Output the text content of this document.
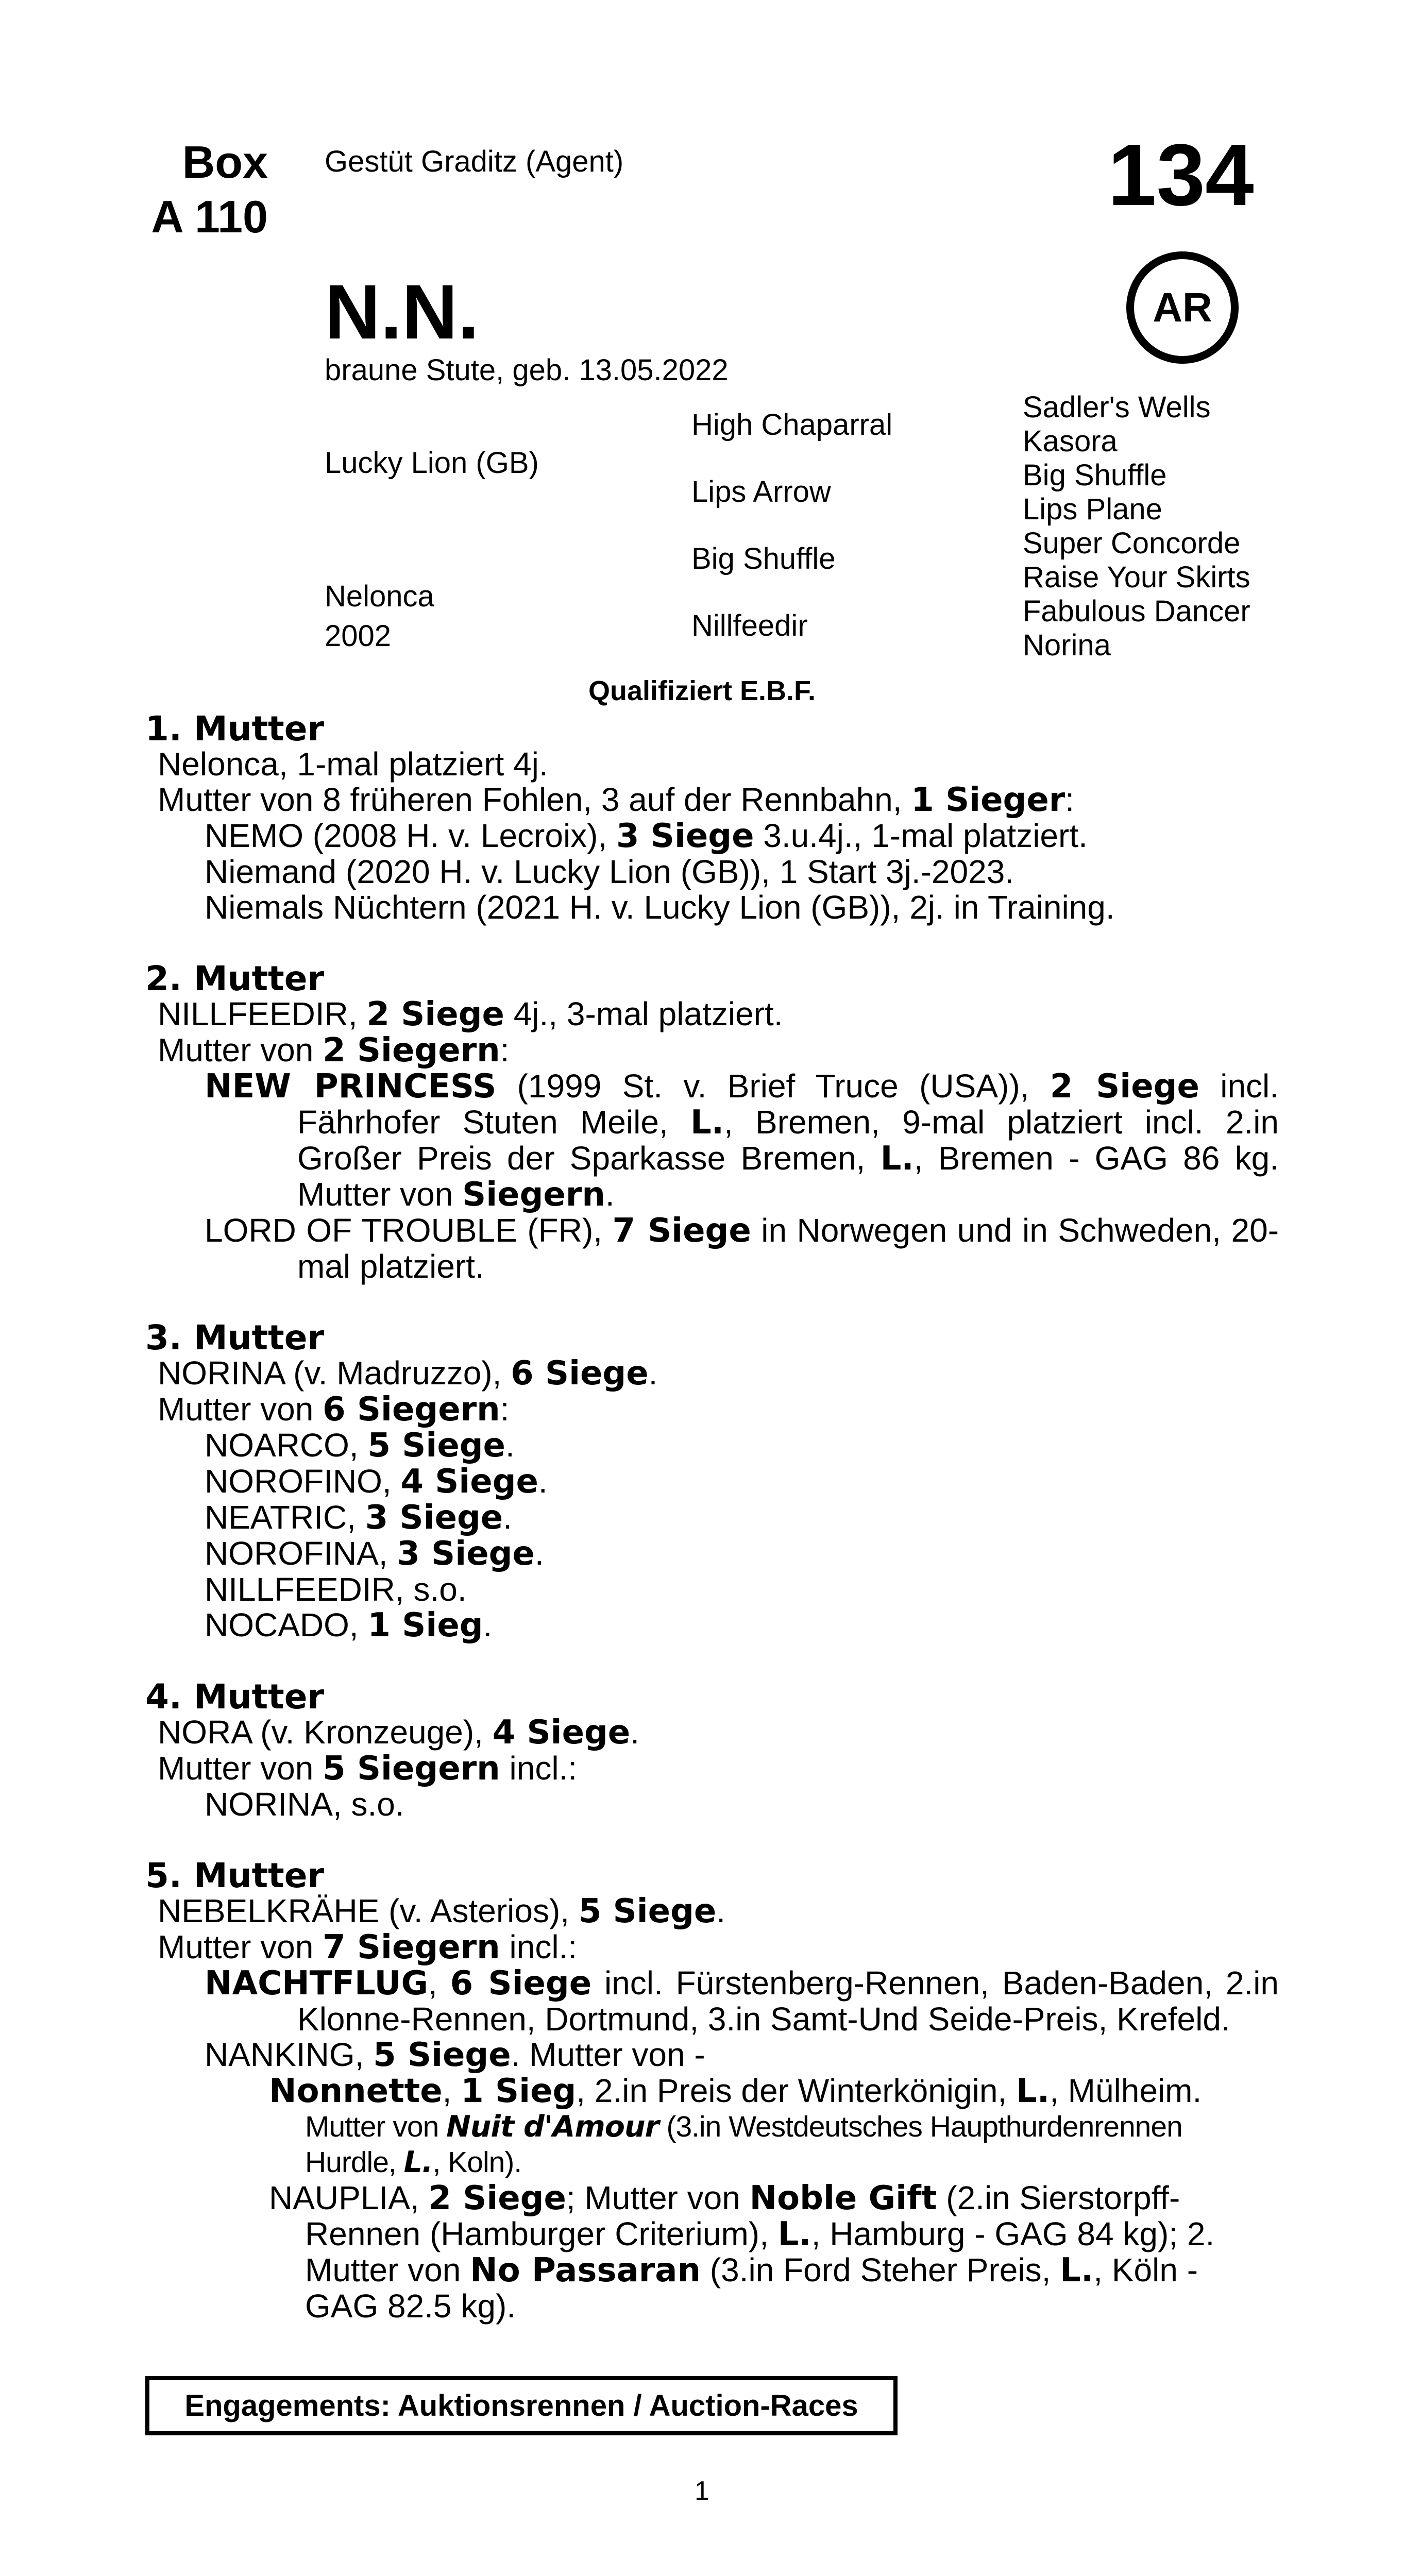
Box
A 110
Gestüt Graditz (Agent)	134
AR
N.N.
braune Stute, geb. 13.05.2022
Lucky Lion (GB)
Nelonca
2002
High Chaparral
Lips Arrow
Big Shuffle
Nillfeedir
Sadler's Wells
Kasora
Big Shuffle
Lips Plane
Super Concorde
Raise Your Skirts
Fabulous Dancer
Norina
Qualifiziert E.B.F.

1. Mutter

Nelonca, 1-mal platziert 4j.

Mutter von 8 früheren Fohlen, 3 auf der Rennbahn, 1 Sieger:

NEMO (2008 H. v. Lecroix), 3 Siege 3.u.4j., 1-mal platziert.

Niemand (2020 H. v. Lucky Lion (GB)), 1 Start 3j.-2023.

Niemals Nüchtern (2021 H. v. Lucky Lion (GB)), 2j. in Training.

2. Mutter

NILLFEEDIR, 2 Siege 4j., 3-mal platziert.

Mutter von 2 Siegern:

NEW PRINCESS (1999 St. v. Brief Truce (USA)), 2 Siege incl. Fährhofer Stuten Meile, L., Bremen, 9-mal platziert incl. 2.in Großer Preis der Sparkasse Bremen, L., Bremen - GAG 86 kg. Mutter von Siegern.

LORD OF TROUBLE (FR), 7 Siege in Norwegen und in Schweden, 20-mal platziert.

3. Mutter

NORINA (v. Madruzzo), 6 Siege.

Mutter von 6 Siegern:

NOARCO, 5 Siege.

NOROFINO, 4 Siege.

NEATRIC, 3 Siege.

NOROFINA, 3 Siege.

NILLFEEDIR, s.o.

NOCADO, 1 Sieg.

4. Mutter

NORA (v. Kronzeuge), 4 Siege.

Mutter von 5 Siegern incl.:

NORINA, s.o.

5. Mutter

NEBELKRÄHE (v. Asterios), 5 Siege.

Mutter von 7 Siegern incl.:

NACHTFLUG, 6 Siege incl. Fürstenberg-Rennen, Baden-Baden, 2.in Klonne-Rennen, Dortmund, 3.in Samt-Und Seide-Preis, Krefeld.

NANKING, 5 Siege. Mutter von -

Nonnette, 1 Sieg, 2.in Preis der Winterkönigin, L., Mülheim.

Mutter von Nuit d'Amour (3.in Westdeutsches Haupthurdenrennen Hurdle, L., Koln).

NAUPLIA, 2 Siege; Mutter von Noble Gift (2.in Sierstorpff-Rennen (Hamburger Criterium), L., Hamburg - GAG 84 kg); 2. Mutter von No Passaran (3.in Ford Steher Preis, L., Köln - GAG 82.5 kg).

Engagements: Auktionsrennen / Auction-Races
1
